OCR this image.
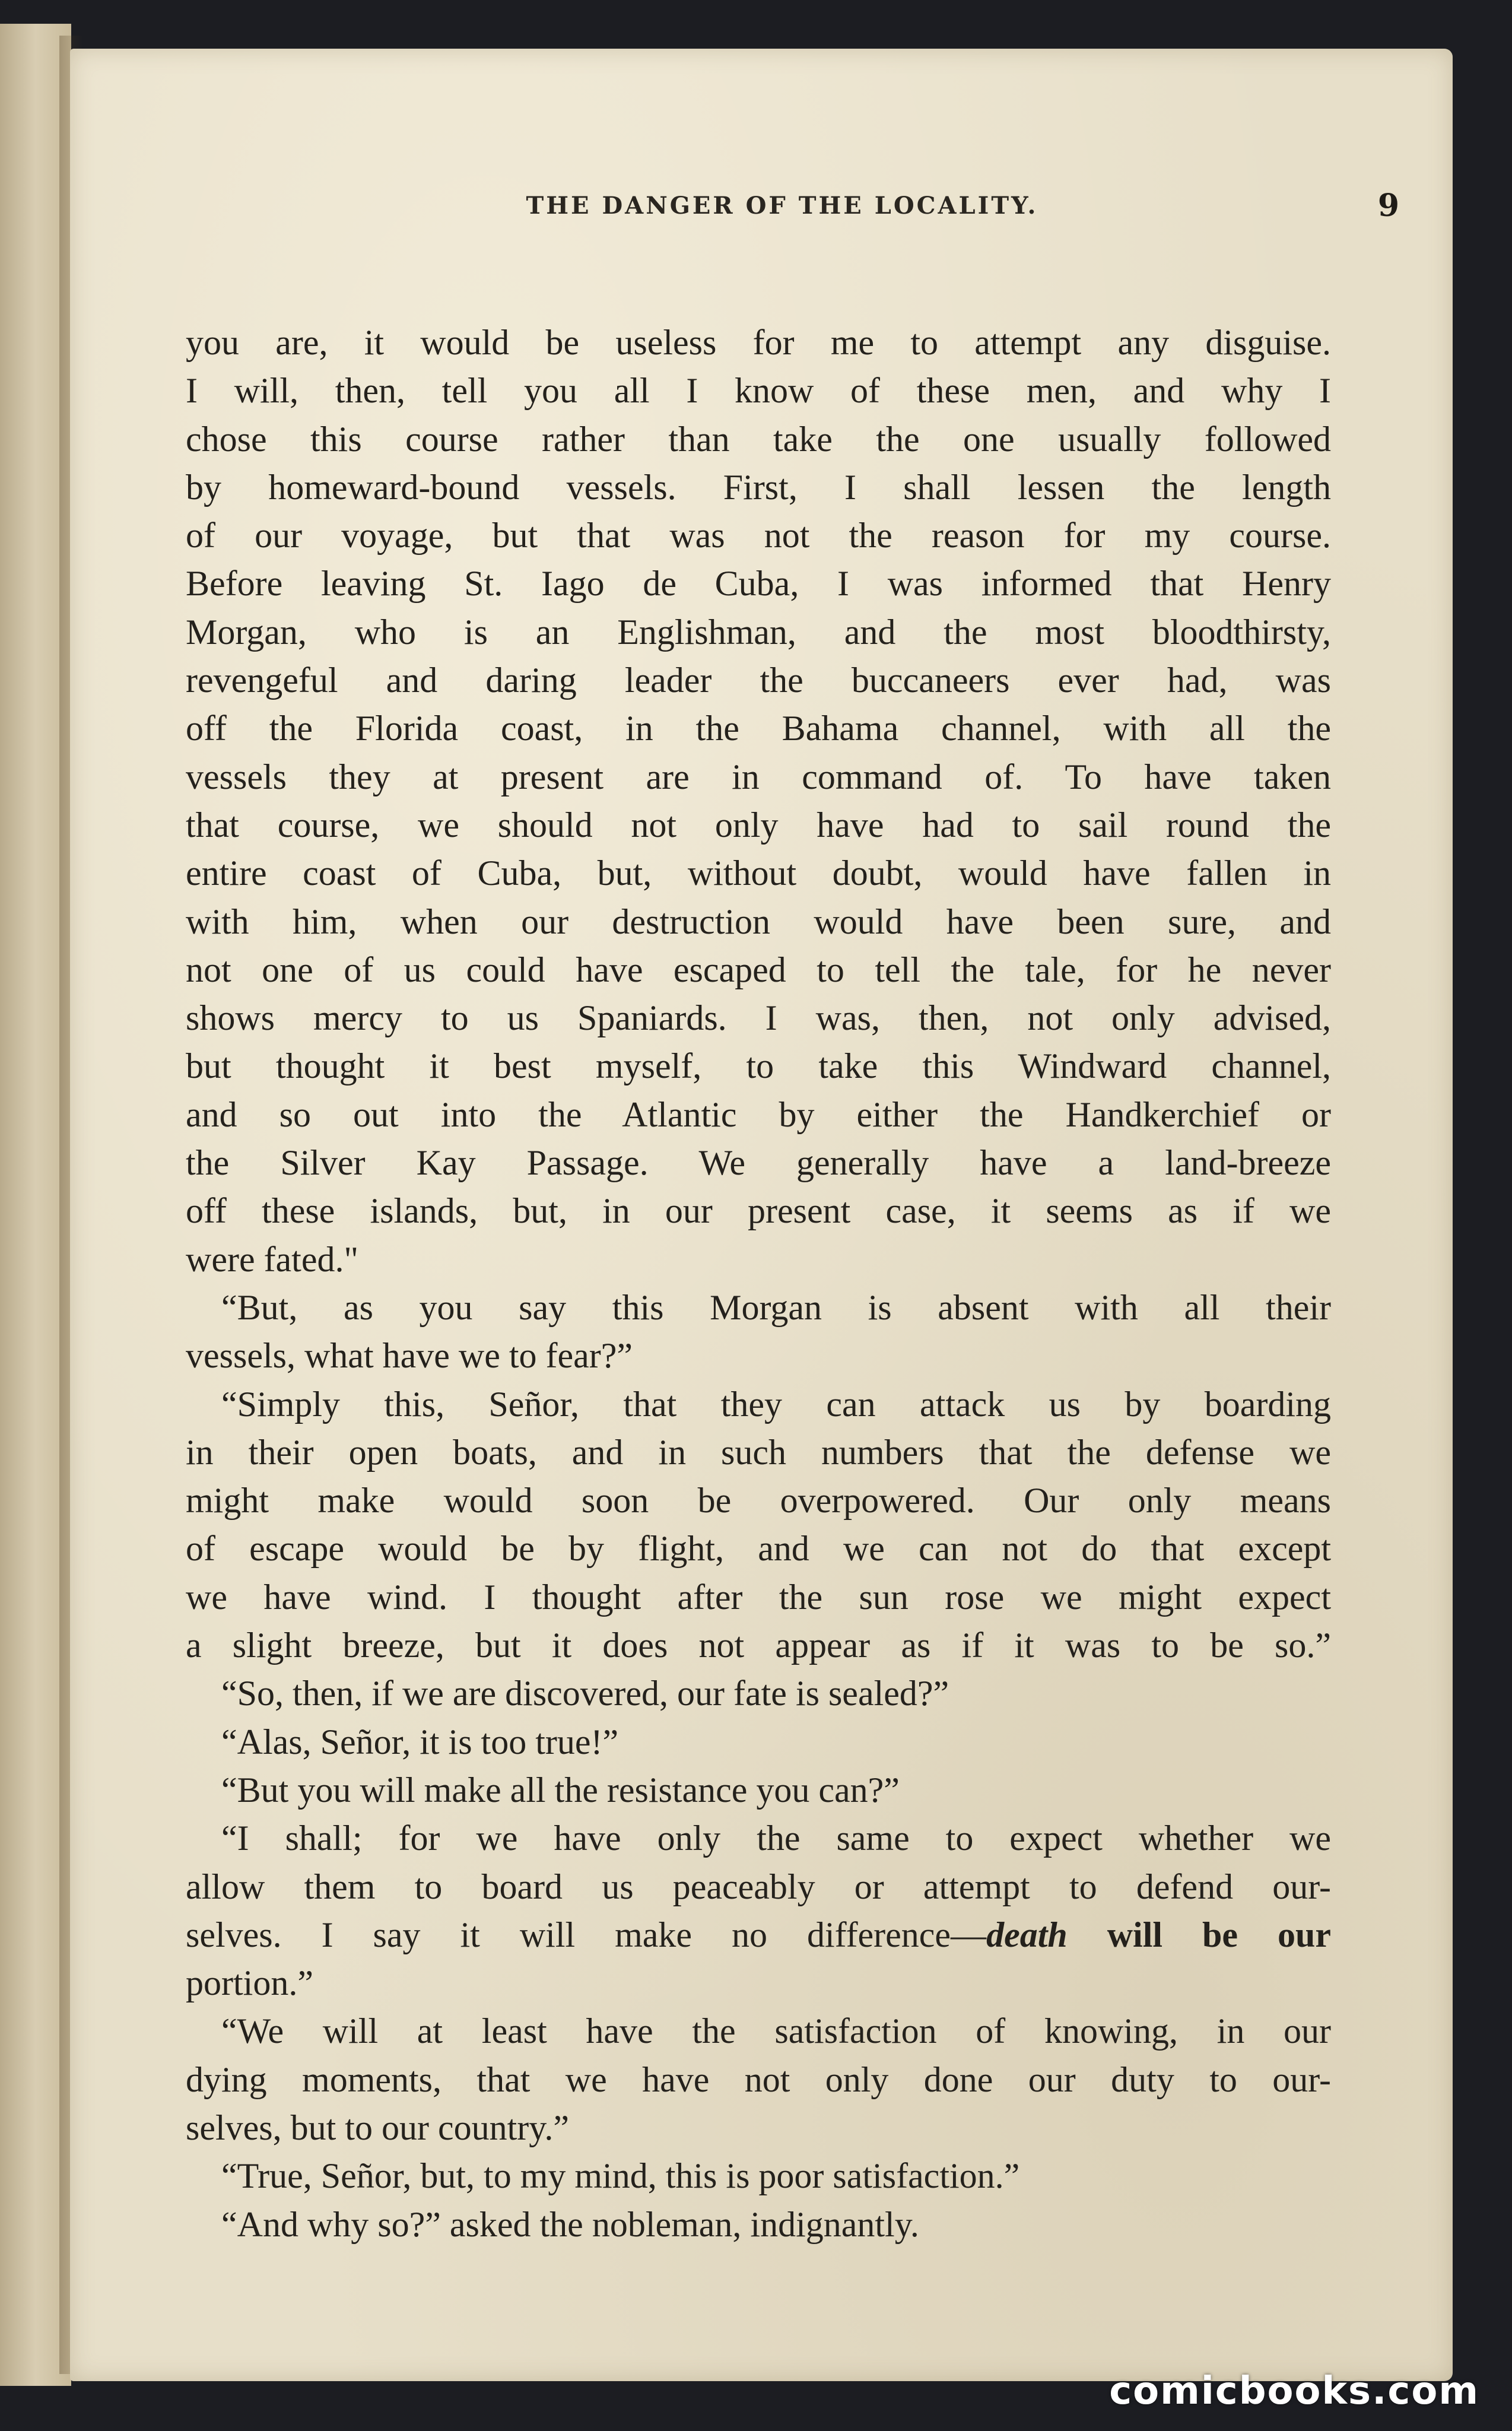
THE DANGER OF THE LOCALITY.	9
you are, it would be useless for me to attempt any disguise.
I will, then, tell you all I know of these men, and why I
chose this course rather than take the one usually followed
by homeward-bound vessels. First, I shall lessen the length
of our voyage, but that was not the reason for my course.
Before leaving St. Iago de Cuba, I was informed that Henry
Morgan, who is an Englishman, and the most bloodthirsty,
revengeful and daring leader the buccaneers ever had, was
off the Florida coast, in the Bahama channel, with all the
vessels they at present are in command of. To have taken
that course, we should not only have had to sail round the
entire coast of Cuba, but, without doubt, would have fallen in
with him, when our destruction would have been sure, and
not one of us could have escaped to tell the tale, for he never
shows mercy to us Spaniards. I was, then, not only advised,
but thought it best myself, to take this Windward channel,
and so out into the Atlantic by either the Handkerchief or
the Silver Kay Passage. We generally have a land-breeze
off these islands, but, in our present case, it seems as if we
were fated."
“But, as you say this Morgan is absent with all their
vessels, what have we to fear?”
“Simply this, Señor, that they can attack us by boarding
in their open boats, and in such numbers that the defense we
might make would soon be overpowered. Our only means
of escape would be by flight, and we can not do that except
we have wind. I thought after the sun rose we might expect
a slight breeze, but it does not appear as if it was to be so.”
“So, then, if we are discovered, our fate is sealed?”
“Alas, Señor, it is too true!”
“But you will make all the resistance you can?”
“I shall; for we have only the same to expect whether we
allow them to board us peaceably or attempt to defend our-
selves. I say it will make no difference—death will be our
portion.”
“We will at least have the satisfaction of knowing, in our
dying moments, that we have not only done our duty to our-
selves, but to our country.”
“True, Señor, but, to my mind, this is poor satisfaction.”
“And why so?” asked the nobleman, indignantly.
comicbooks.com
